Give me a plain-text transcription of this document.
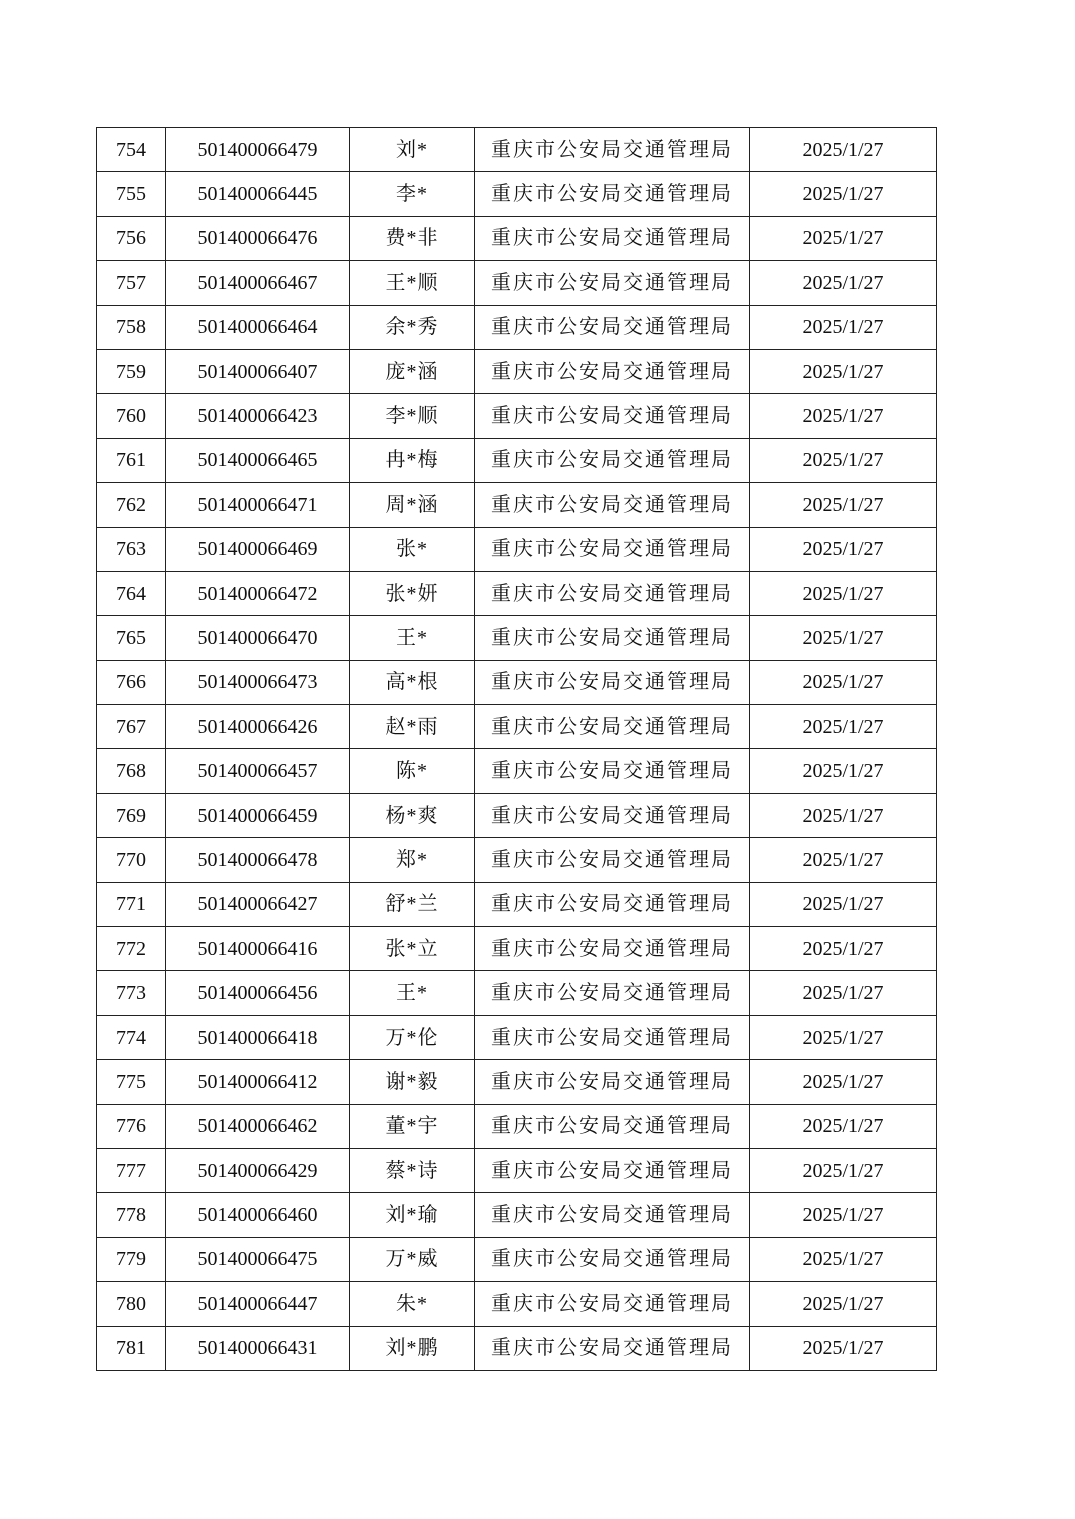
754	501400066479	刘*	重庆市公安局交通管理局	2025/1/27
755	501400066445	李*	重庆市公安局交通管理局	2025/1/27
756	501400066476	费*非	重庆市公安局交通管理局	2025/1/27
757	501400066467	王*顺	重庆市公安局交通管理局	2025/1/27
758	501400066464	余*秀	重庆市公安局交通管理局	2025/1/27
759	501400066407	庞*涵	重庆市公安局交通管理局	2025/1/27
760	501400066423	李*顺	重庆市公安局交通管理局	2025/1/27
761	501400066465	冉*梅	重庆市公安局交通管理局	2025/1/27
762	501400066471	周*涵	重庆市公安局交通管理局	2025/1/27
763	501400066469	张*	重庆市公安局交通管理局	2025/1/27
764	501400066472	张*妍	重庆市公安局交通管理局	2025/1/27
765	501400066470	王*	重庆市公安局交通管理局	2025/1/27
766	501400066473	高*根	重庆市公安局交通管理局	2025/1/27
767	501400066426	赵*雨	重庆市公安局交通管理局	2025/1/27
768	501400066457	陈*	重庆市公安局交通管理局	2025/1/27
769	501400066459	杨*爽	重庆市公安局交通管理局	2025/1/27
770	501400066478	郑*	重庆市公安局交通管理局	2025/1/27
771	501400066427	舒*兰	重庆市公安局交通管理局	2025/1/27
772	501400066416	张*立	重庆市公安局交通管理局	2025/1/27
773	501400066456	王*	重庆市公安局交通管理局	2025/1/27
774	501400066418	万*伦	重庆市公安局交通管理局	2025/1/27
775	501400066412	谢*毅	重庆市公安局交通管理局	2025/1/27
776	501400066462	董*宇	重庆市公安局交通管理局	2025/1/27
777	501400066429	蔡*诗	重庆市公安局交通管理局	2025/1/27
778	501400066460	刘*瑜	重庆市公安局交通管理局	2025/1/27
779	501400066475	万*威	重庆市公安局交通管理局	2025/1/27
780	501400066447	朱*	重庆市公安局交通管理局	2025/1/27
781	501400066431	刘*鹏	重庆市公安局交通管理局	2025/1/27
